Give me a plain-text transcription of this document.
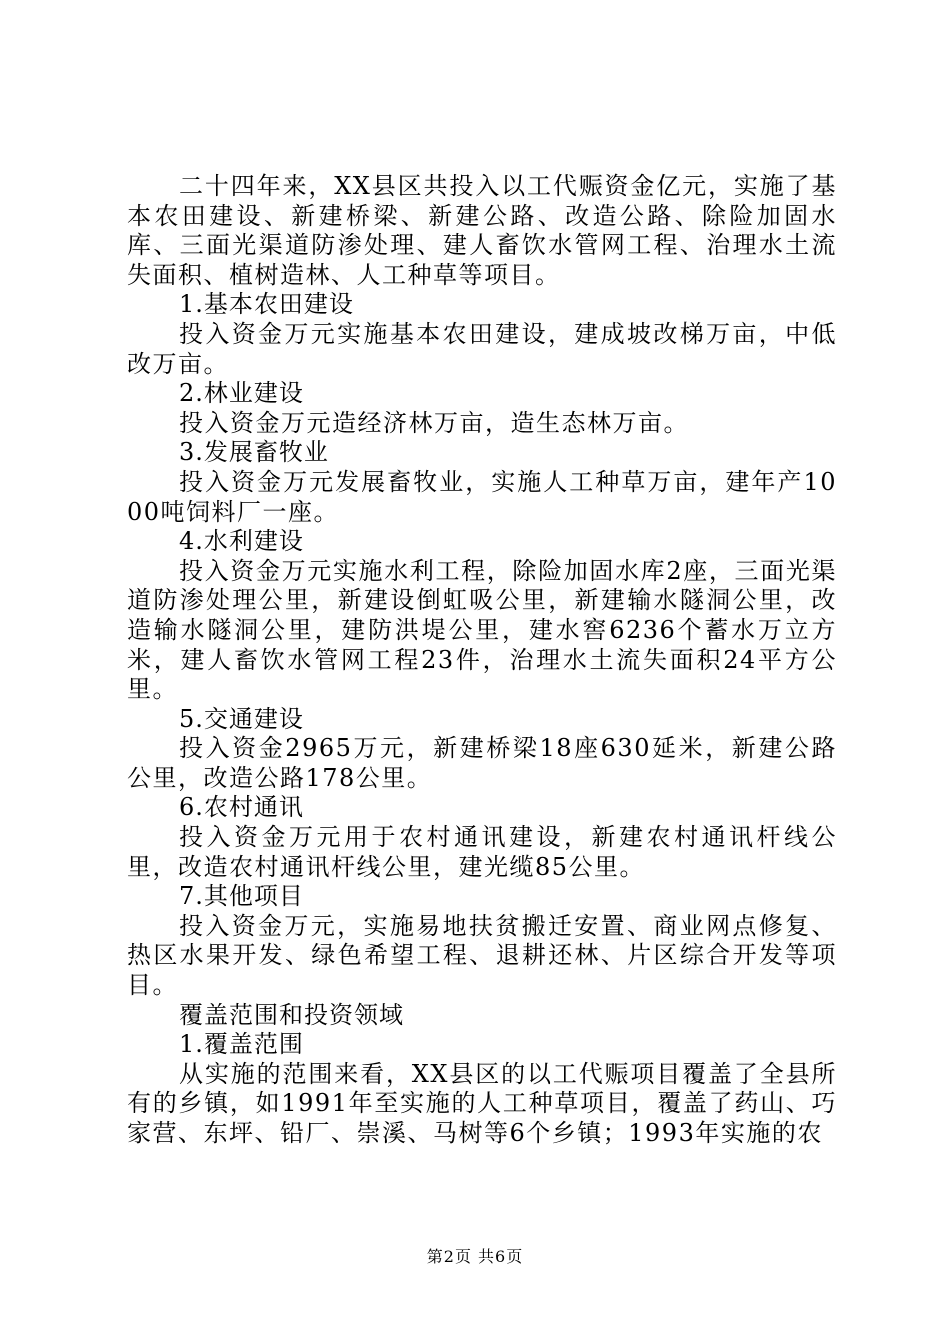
二十四年来，XX县区共投入以工代赈资金亿元，实施了基本农田建设、新建桥梁、新建公路、改造公路、除险加固水库、三面光渠道防渗处理、建人畜饮水管网工程、治理水土流失面积、植树造林、人工种草等项目。

1.基本农田建设

投入资金万元实施基本农田建设，建成坡改梯万亩，中低改万亩。

2.林业建设

投入资金万元造经济林万亩，造生态林万亩。

3.发展畜牧业

投入资金万元发展畜牧业，实施人工种草万亩，建年产1000吨饲料厂一座。

4.水利建设

投入资金万元实施水利工程，除险加固水库2座，三面光渠道防渗处理公里，新建设倒虹吸公里，新建输水隧洞公里，改造输水隧洞公里，建防洪堤公里，建水窖6236个蓄水万立方米，建人畜饮水管网工程23件，治理水土流失面积24平方公里。

5.交通建设

投入资金2965万元，新建桥梁18座630延米，新建公路公里，改造公路178公里。

6.农村通讯

投入资金万元用于农村通讯建设，新建农村通讯杆线公里，改造农村通讯杆线公里，建光缆85公里。

7.其他项目

投入资金万元，实施易地扶贫搬迁安置、商业网点修复、热区水果开发、绿色希望工程、退耕还林、片区综合开发等项目。

覆盖范围和投资领域

1.覆盖范围

从实施的范围来看，XX县区的以工代赈项目覆盖了全县所有的乡镇，如1991年至实施的人工种草项目，覆盖了药山、巧家营、东坪、铅厂、崇溪、马树等6个乡镇；1993年实施的农

第2页 共6页
